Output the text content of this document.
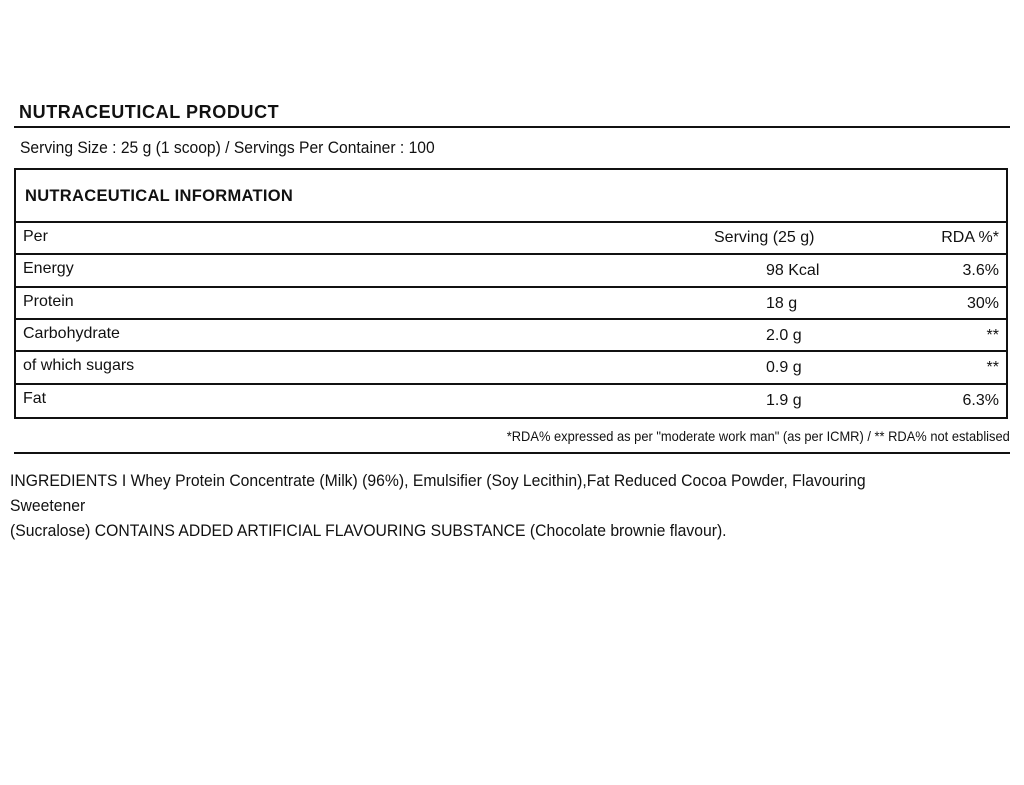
NUTRACEUTICAL PRODUCT
Serving Size : 25 g (1 scoop) / Servings Per Container : 100
NUTRACEUTICAL INFORMATION
Per	Serving (25 g)	RDA %*
Energy	98 Kcal	3.6%
Protein	18 g	30%
Carbohydrate	2.0 g	**
of which sugars	0.9 g	**
Fat	1.9 g	6.3%
*RDA% expressed as per "moderate work man" (as per ICMR) / ** RDA% not establised
INGREDIENTS I Whey Protein Concentrate (Milk) (96%), Emulsifier (Soy Lecithin),Fat Reduced Cocoa Powder, Flavouring Sweetener
(Sucralose) CONTAINS ADDED ARTIFICIAL FLAVOURING SUBSTANCE (Chocolate brownie flavour).
